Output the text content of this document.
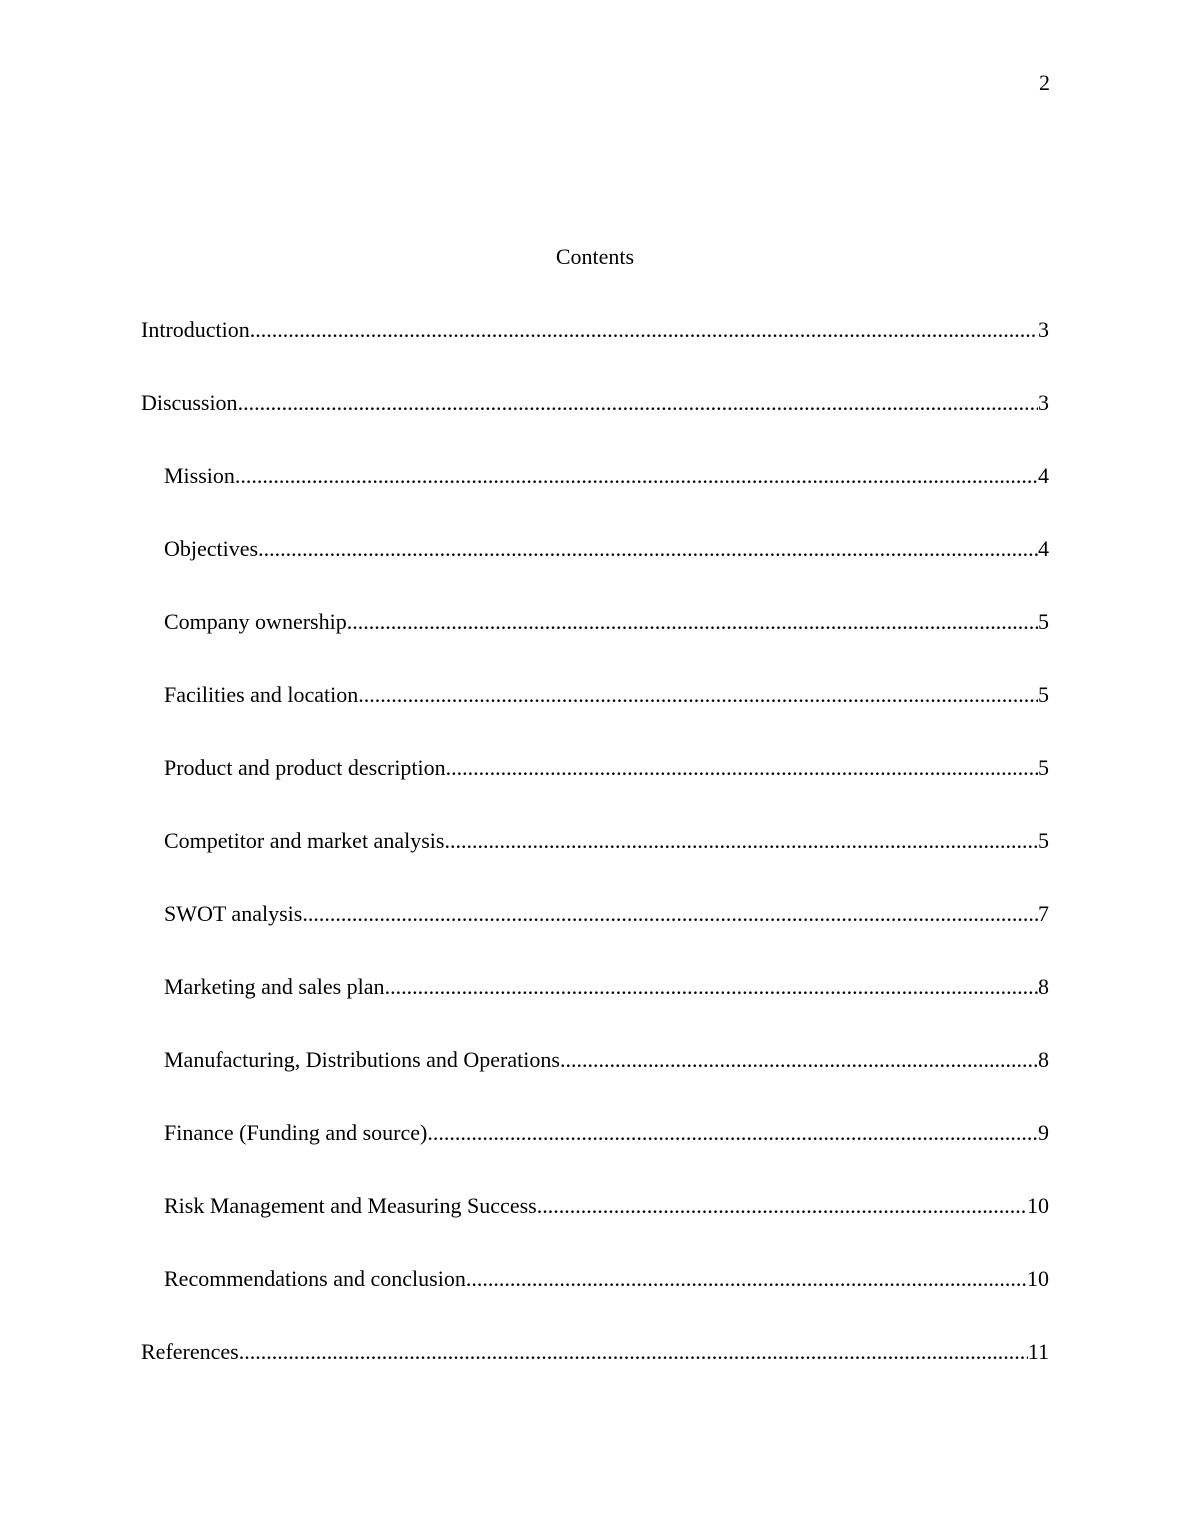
2
Contents
Introduction .....	3
Discussion .....	3
Mission .....	4
Objectives .....	4
Company ownership .....	5
Facilities and location .....	5
Product and product description .....	5
Competitor and market analysis .....	5
SWOT analysis .....	7
Marketing and sales plan .....	8
Manufacturing, Distributions and Operations .....	8
Finance (Funding and source) .....	9
Risk Management and Measuring Success .....	10
Recommendations and conclusion .....	10
References .....	11
